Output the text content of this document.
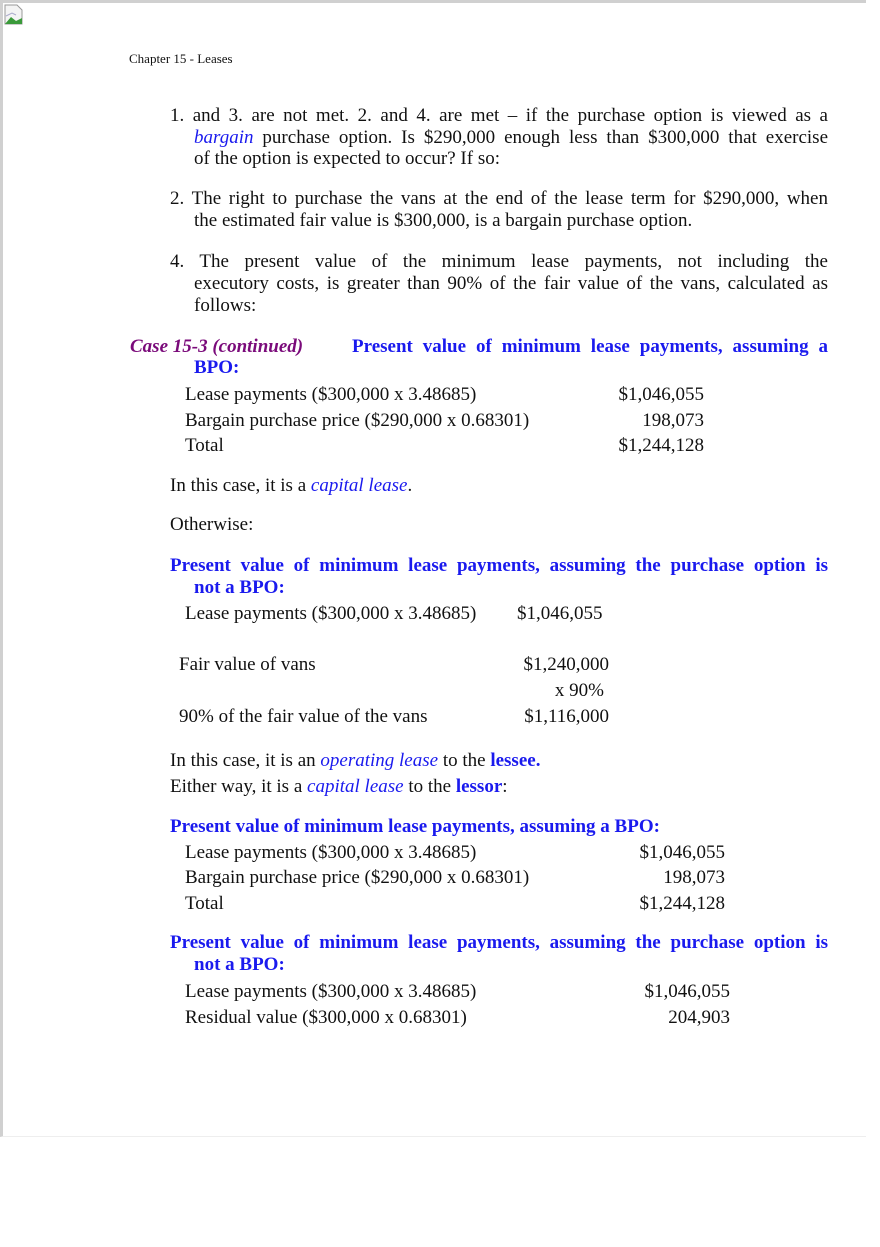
Chapter 15 - Leases
1. and 3. are not met. 2. and 4. are met – if the purchase option is viewed as a
bargain purchase option. Is $290,000 enough less than $300,000 that exercise
of the option is expected to occur? If so:
2. The right to purchase the vans at the end of the lease term for $290,000, when
the estimated fair value is $300,000, is a bargain purchase option.
4. The present value of the minimum lease payments, not including the
executory costs, is greater than 90% of the fair value of the vans, calculated as
follows:
Case 15-3 (continued)	Present value of minimum lease payments, assuming a
BPO:
Lease payments ($300,000 x 3.48685)	$1,046,055
Bargain purchase price ($290,000 x 0.68301)	198,073
Total	$1,244,128
In this case, it is a capital lease.
Otherwise:
Present value of minimum lease payments, assuming the purchase option is
not a BPO:
Lease payments ($300,000 x 3.48685) $1,046,055
Fair value of vans	$1,240,000
x 90%
90% of the fair value of the vans	$1,116,000
In this case, it is an operating lease to the lessee.
Either way, it is a capital lease to the lessor:
Present value of minimum lease payments, assuming a BPO:
Lease payments ($300,000 x 3.48685)	$1,046,055
Bargain purchase price ($290,000 x 0.68301)	198,073
Total	$1,244,128
Present value of minimum lease payments, assuming the purchase option is
not a BPO:
Lease payments ($300,000 x 3.48685)	$1,046,055
Residual value ($300,000 x 0.68301)	204,903
